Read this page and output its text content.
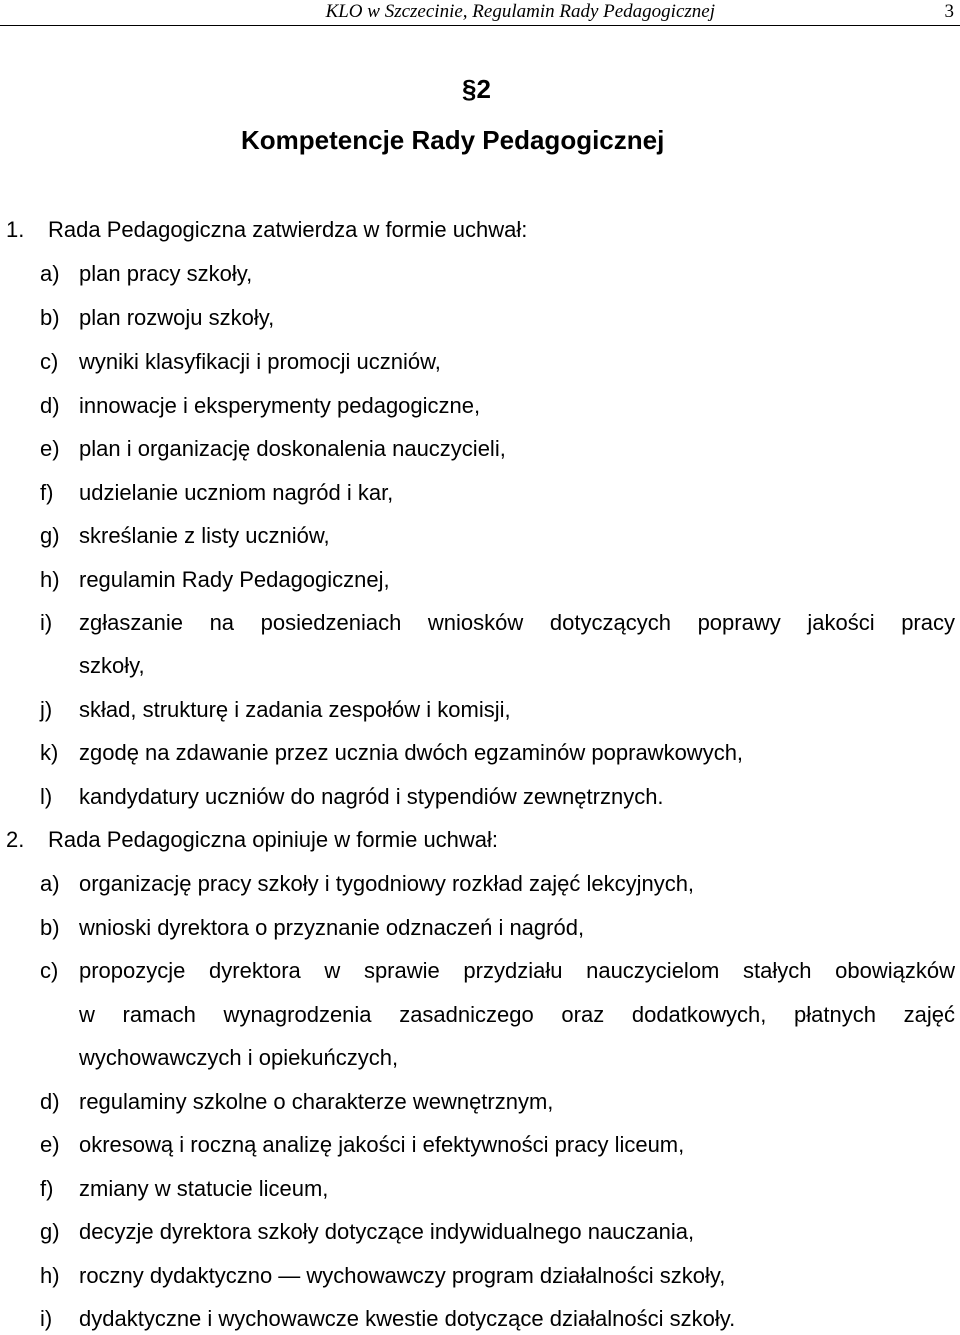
KLO w Szczecinie, Regulamin Rady Pedagogicznej	3
§2
Kompetencje Rady Pedagogicznej
1. Rada Pedagogiczna zatwierdza w formie uchwał:
a) plan pracy szkoły,
b) plan rozwoju szkoły,
c) wyniki klasyfikacji i promocji uczniów,
d) innowacje i eksperymenty pedagogiczne,
e) plan i organizację doskonalenia nauczycieli,
f) udzielanie uczniom nagród i kar,
g) skreślanie z listy uczniów,
h) regulamin Rady Pedagogicznej,
i) zgłaszanie na posiedzeniach wniosków dotyczących poprawy jakości pracy
szkoły,
j) skład, strukturę i zadania zespołów i komisji,
k) zgodę na zdawanie przez ucznia dwóch egzaminów poprawkowych,
l) kandydatury uczniów do nagród i stypendiów zewnętrznych.
2. Rada Pedagogiczna opiniuje w formie uchwał:
a) organizację pracy szkoły i tygodniowy rozkład zajęć lekcyjnych,
b) wnioski dyrektora o przyznanie odznaczeń i nagród,
c) propozycje dyrektora w sprawie przydziału nauczycielom stałych obowiązków
w ramach wynagrodzenia zasadniczego oraz dodatkowych, płatnych zajęć
wychowawczych i opiekuńczych,
d) regulaminy szkolne o charakterze wewnętrznym,
e) okresową i roczną analizę jakości i efektywności pracy liceum,
f) zmiany w statucie liceum,
g) decyzje dyrektora szkoły dotyczące indywidualnego nauczania,
h) roczny dydaktyczno — wychowawczy program działalności szkoły,
i) dydaktyczne i wychowawcze kwestie dotyczące działalności szkoły.
